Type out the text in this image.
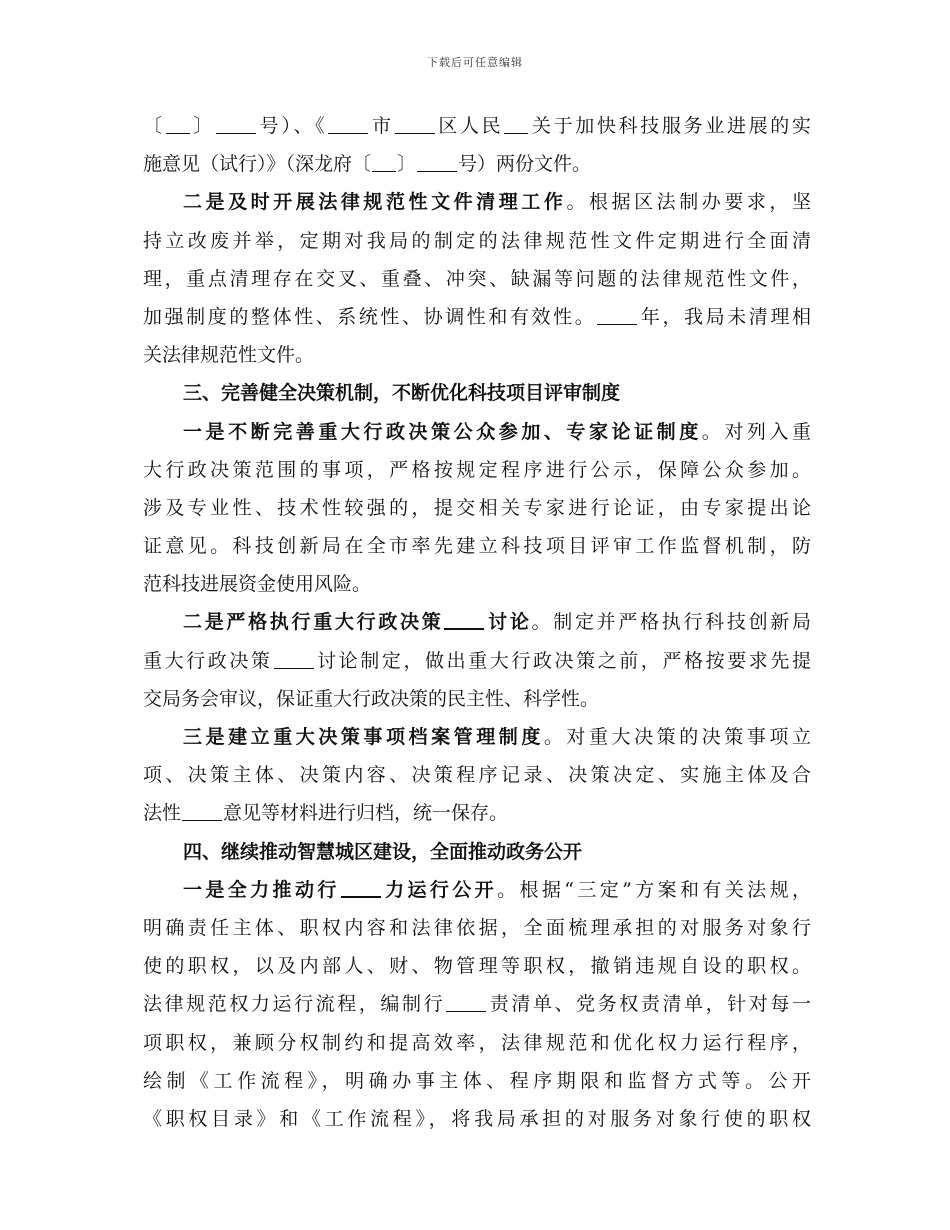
下载后可任意编辑
〔 〕 号）、《 市 区人民 关于加快科技服务业进展的实
施意见（试行）》（深龙府〔 〕 号）两份文件。
二是及时开展法律规范性文件清理工作。根据区法制办要求，坚
持立改废并举，定期对我局的制定的法律规范性文件定期进行全面清
理，重点清理存在交叉、重叠、冲突、缺漏等问题的法律规范性文件，
加强制度的整体性、系统性、协调性和有效性。 年，我局未清理相
关法律规范性文件。
三、完善健全决策机制，不断优化科技项目评审制度
一是不断完善重大行政决策公众参加、专家论证制度。对列入重
大行政决策范围的事项，严格按规定程序进行公示，保障公众参加。
涉及专业性、技术性较强的，提交相关专家进行论证，由专家提出论
证意见。科技创新局在全市率先建立科技项目评审工作监督机制，防
范科技进展资金使用风险。
二是严格执行重大行政决策 讨论。制定并严格执行科技创新局
重大行政决策 讨论制定，做出重大行政决策之前，严格按要求先提
交局务会审议，保证重大行政决策的民主性、科学性。
三是建立重大决策事项档案管理制度。对重大决策的决策事项立
项、决策主体、决策内容、决策程序记录、决策决定、实施主体及合
法性 意见等材料进行归档，统一保存。
四、继续推动智慧城区建设，全面推动政务公开
一是全力推动行 力运行公开。根据“三定”方案和有关法规，
明确责任主体、职权内容和法律依据，全面梳理承担的对服务对象行
使的职权，以及内部人、财、物管理等职权，撤销违规自设的职权。
法律规范权力运行流程，编制行 责清单、党务权责清单，针对每一
项职权，兼顾分权制约和提高效率，法律规范和优化权力运行程序，
绘制《工作流程》，明确办事主体、程序期限和监督方式等。公开
《职权目录》和《工作流程》，将我局承担的对服务对象行使的职权
